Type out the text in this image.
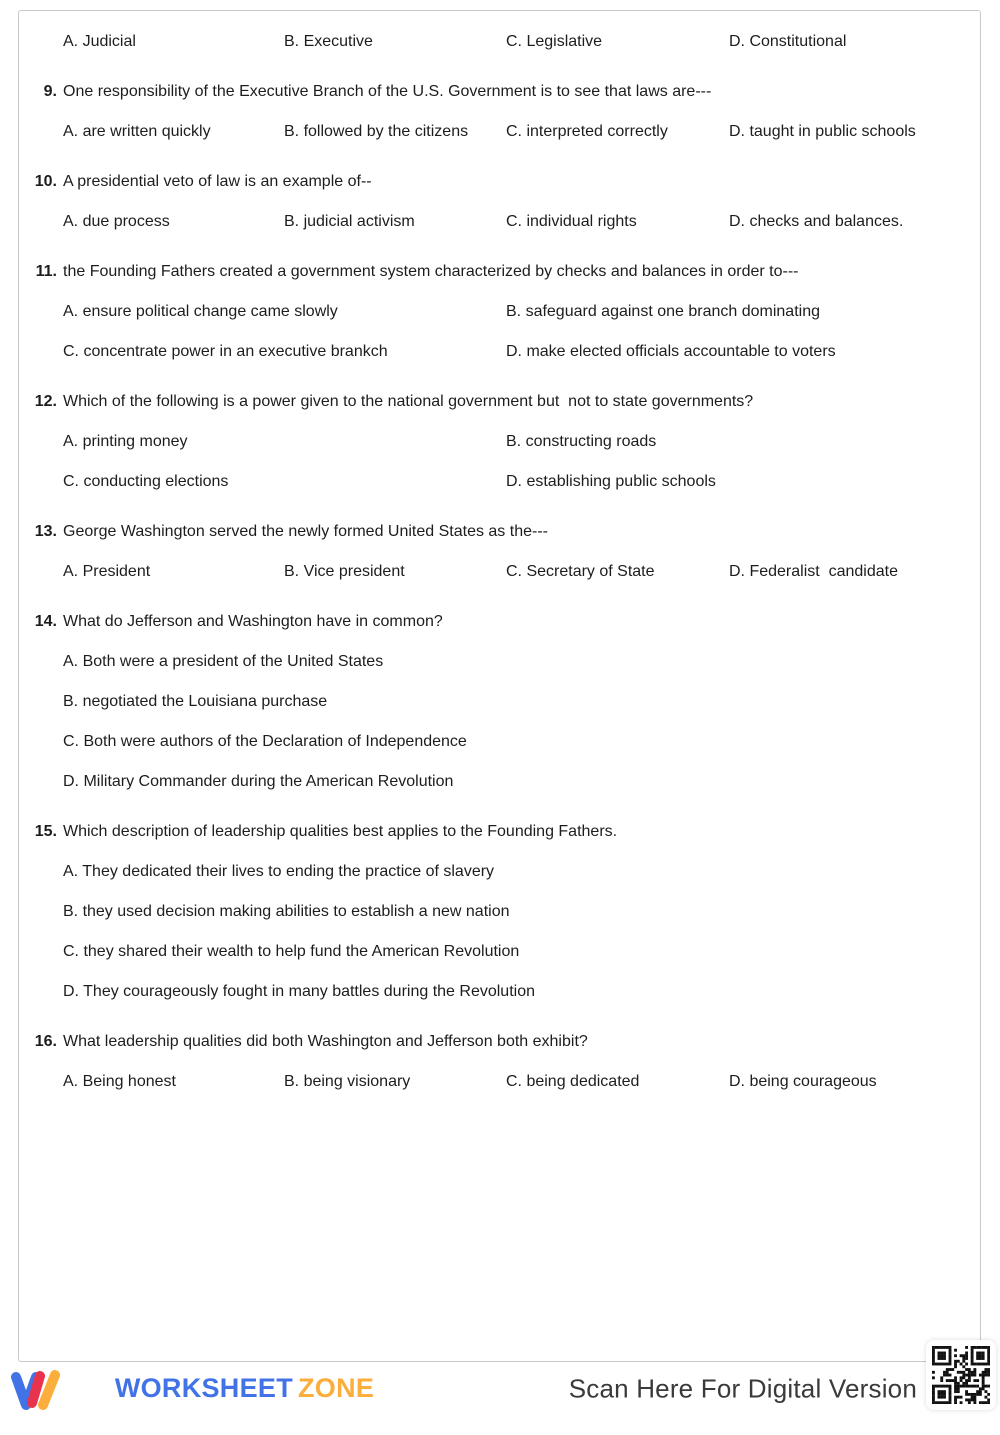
A. Judicial	B. Executive	C. Legislative	D. Constitutional
9. One responsibility of the Executive Branch of the U.S. Government is to see that laws are---
A. are written quickly	B. followed by the citizens	C. interpreted correctly	D. taught in public schools
10. A presidential veto of law is an example of--
A. due process	B. judicial activism	C. individual rights	D. checks and balances.
11. the Founding Fathers created a government system characterized by checks and balances in order to---
A. ensure political change came slowly	B. safeguard against one branch dominating
C. concentrate power in an executive brankch	D. make elected officials accountable to voters
12. Which of the following is a power given to the national government but  not to state governments?
A. printing money	B. constructing roads
C. conducting elections	D. establishing public schools
13. George Washington served the newly formed United States as the---
A. President	B. Vice president	C. Secretary of State	D. Federalist  candidate
14. What do Jefferson and Washington have in common?
A. Both were a president of the United States
B. negotiated the Louisiana purchase
C. Both were authors of the Declaration of Independence
D. Military Commander during the American Revolution
15. Which description of leadership qualities best applies to the Founding Fathers.
A. They dedicated their lives to ending the practice of slavery
B. they used decision making abilities to establish a new nation
C. they shared their wealth to help fund the American Revolution
D. They courageously fought in many battles during the Revolution
16. What leadership qualities did both Washington and Jefferson both exhibit?
A. Being honest	B. being visionary	C. being dedicated	D. being courageous

WORKSHEET ZONE
	Scan Here For Digital Version
